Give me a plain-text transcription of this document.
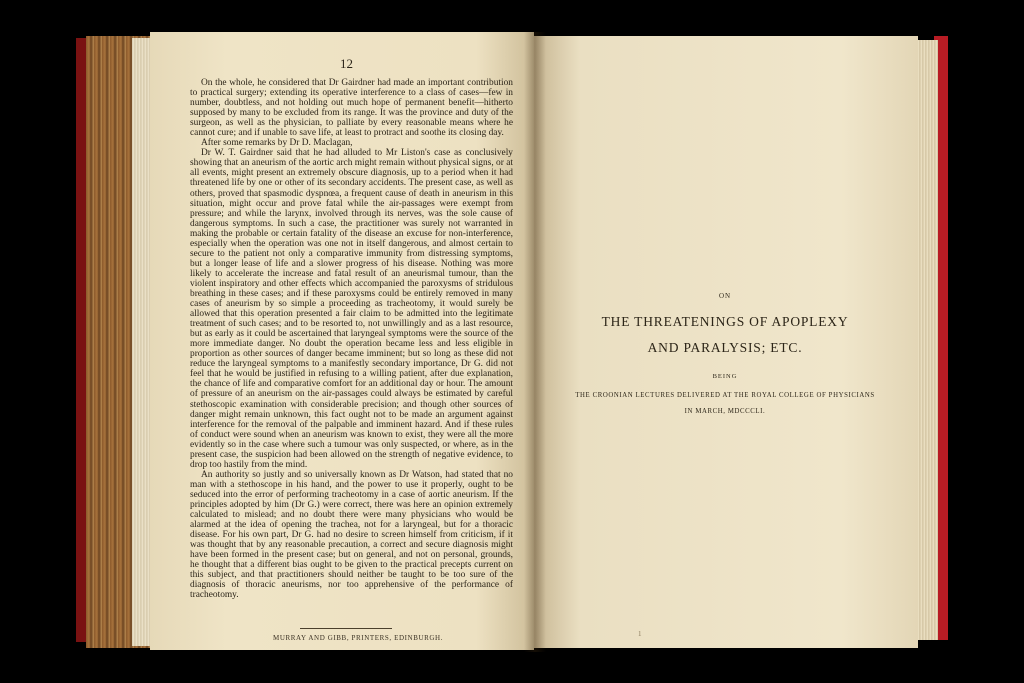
12

On the whole, he considered that Dr Gairdner had made an important contribution to practical surgery; extending its operative interference to a class of cases—few in number, doubtless, and not holding out much hope of permanent benefit—hitherto supposed by many to be excluded from its range. It was the province and duty of the surgeon, as well as the physician, to palliate by every reasonable means where he cannot cure; and if unable to save life, at least to protract and soothe its closing day.

After some remarks by Dr D. Maclagan,

Dr W. T. Gairdner said that he had alluded to Mr Liston's case as conclusively showing that an aneurism of the aortic arch might remain without physical signs, or at all events, might present an extremely obscure diagnosis, up to a period when it had threatened life by one or other of its secondary accidents. The present case, as well as others, proved that spasmodic dyspnœa, a frequent cause of death in aneurism in this situation, might occur and prove fatal while the air-passages were exempt from pressure; and while the larynx, involved through its nerves, was the sole cause of dangerous symptoms. In such a case, the practitioner was surely not warranted in making the probable or certain fatality of the disease an excuse for non-interference, especially when the operation was one not in itself dangerous, and almost certain to secure to the patient not only a comparative immunity from distressing symptoms, but a longer lease of life and a slower progress of his disease. Nothing was more likely to accelerate the increase and fatal result of an aneurismal tumour, than the violent inspiratory and other effects which accompanied the paroxysms of stridulous breathing in these cases; and if these paroxysms could be entirely removed in many cases of aneurism by so simple a proceeding as tracheotomy, it would surely be allowed that this operation presented a fair claim to be admitted into the legitimate treatment of such cases; and to be resorted to, not unwillingly and as a last resource, but as early as it could be ascertained that laryngeal symptoms were the source of the more immediate danger. No doubt the operation became less and less eligible in proportion as other sources of danger became imminent; but so long as these did not reduce the laryngeal symptoms to a manifestly secondary importance, Dr G. did not feel that he would be justified in refusing to a willing patient, after due explanation, the chance of life and comparative comfort for an additional day or hour. The amount of pressure of an aneurism on the air-passages could always be estimated by careful stethoscopic examination with considerable precision; and though other sources of danger might remain unknown, this fact ought not to be made an argument against interference for the removal of the palpable and imminent hazard. And if these rules of conduct were sound when an aneurism was known to exist, they were all the more evidently so in the case where such a tumour was only suspected, or where, as in the present case, the suspicion had been allowed on the strength of negative evidence, to drop too hastily from the mind.

An authority so justly and so universally known as Dr Watson, had stated that no man with a stethoscope in his hand, and the power to use it properly, ought to be seduced into the error of performing tracheotomy in a case of aortic aneurism. If the principles adopted by him (Dr G.) were correct, there was here an opinion extremely calculated to mislead; and no doubt there were many physicians who would be alarmed at the idea of opening the trachea, not for a laryngeal, but for a thoracic disease. For his own part, Dr G. had no desire to screen himself from criticism, if it was thought that by any reasonable precaution, a correct and secure diagnosis might have been formed in the present case; but on general, and not on personal, grounds, he thought that a different bias ought to be given to the practical precepts current on this subject, and that practitioners should neither be taught to be too sure of the diagnosis of thoracic aneurisms, nor too apprehensive of the performance of tracheotomy.

MURRAY AND GIBB, PRINTERS, EDINBURGH.
ON
THE THREATENINGS OF APOPLEXY
AND PARALYSIS; ETC.
BEING
THE CROONIAN LECTURES DELIVERED AT THE ROYAL COLLEGE OF PHYSICIANS
IN MARCH, MDCCCLI.
1
